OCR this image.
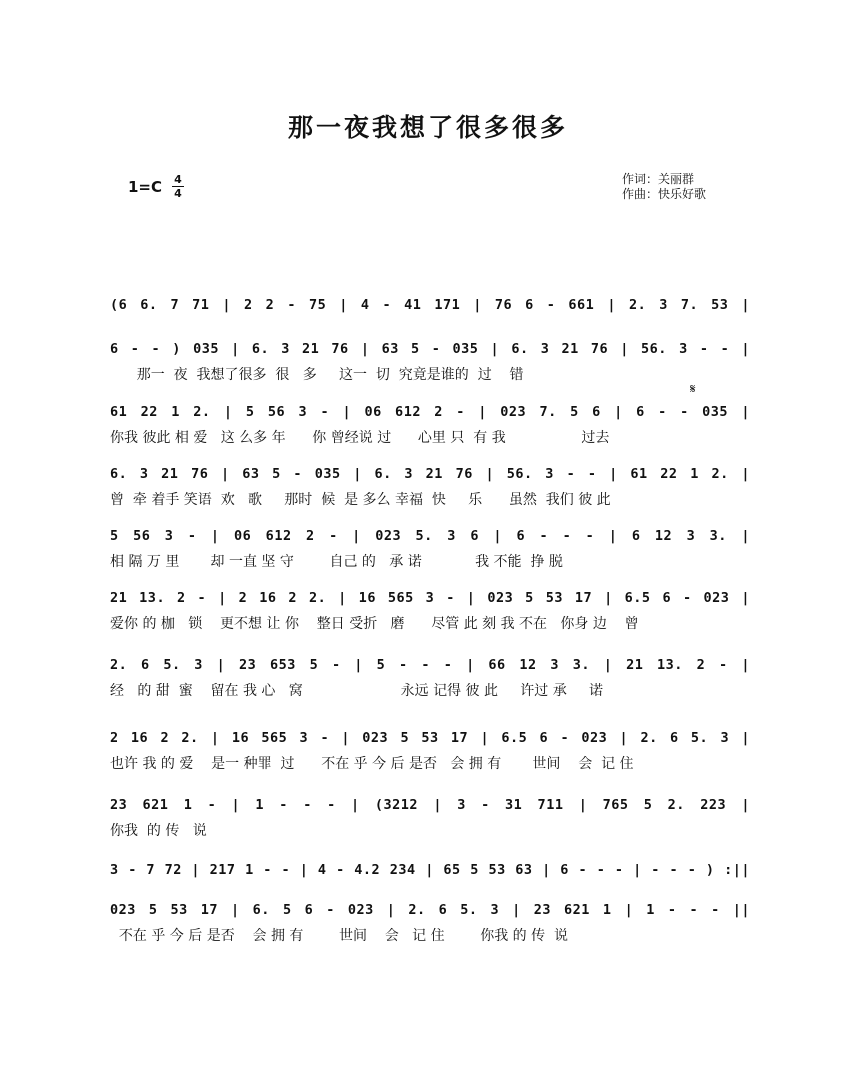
那一夜我想了很多很多
1=C 4
4
作词：关丽群
作曲：快乐好歌
(6 6. 7 71 | 2 2 - 75 | 4 - 41 171 | 76 6 - 661 | 2. 3 7. 53 |
6 - - ) 035 | 6. 3 21 76 | 63 5 - 035 | 6. 3 21 76 | 56. 3 - - |
那一  夜  我想了很多  很   多     这一  切  究竟是谁的  过    错
𝄋
61 22 1 2. | 5 56 3 - | 06 612 2 - | 023 7. 5 6 | 6 - - 035 |
你我 彼此 相 爱   这 么多 年      你 曾经说 过      心里 只  有 我                 过去
6. 3 21 76 | 63 5 - 035 | 6. 3 21 76 | 56. 3 - - | 61 22 1 2. |
曾  牵 着手 笑语  欢   歌     那时  候  是 多么 幸福  快     乐      虽然  我们 彼 此
5 56 3 - | 06 612 2 - | 023 5. 3 6 | 6 - - - | 6 12 3 3. |
相 隔 万 里       却 一直 坚 守        自己 的   承 诺            我 不能  挣 脱
21 13. 2 - | 2 16 2 2. | 16 565 3 - | 023 5 53 17 | 6.5 6 - 023 |
爱你 的 枷   锁    更不想 让 你    整日 受折   磨      尽管 此 刻 我 不在   你身 边    曾
2. 6 5. 3 | 23 653 5 - | 5 - - - | 66 12 3 3. | 21 13. 2 - |
经   的 甜  蜜    留在 我 心   窝                      永远 记得 彼 此     许过 承     诺
2 16 2 2. | 16 565 3 - | 023 5 53 17 | 6.5 6 - 023 | 2. 6 5. 3 |
也许 我 的 爱    是一 种罪  过      不在 乎 今 后 是否   会 拥 有       世间    会  记 住
23 621 1 - | 1 - - - | (3212 | 3 - 31 711 | 765 5 2. 223 |
你我  的 传   说
3 - 7 72 | 217 1 - - | 4 - 4.2 234 | 65 5 53 63 | 6 - - - | - - - ) :||
023 5 53 17 | 6. 5 6 - 023 | 2. 6 5. 3 | 23 621 1 | 1 - - - ||
不在 乎 今 后 是否    会 拥 有        世间    会   记 住        你我 的 传  说
